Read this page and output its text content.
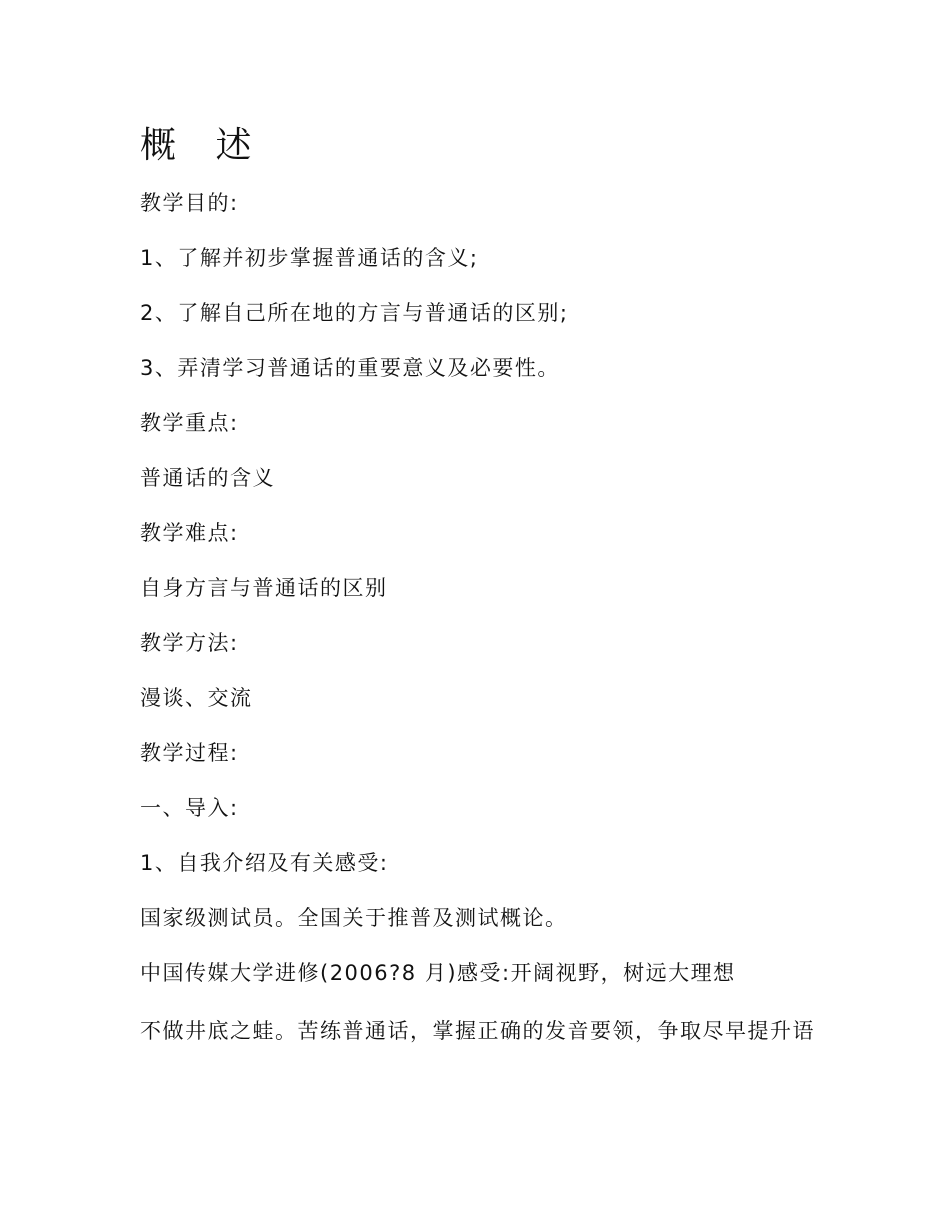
概 述

教学目的:

1、了解并初步掌握普通话的含义;

2、了解自己所在地的方言与普通话的区别;

3、弄清学习普通话的重要意义及必要性。

教学重点:

普通话的含义

教学难点:

自身方言与普通话的区别

教学方法:

漫谈、交流

教学过程:

一、导入:

1、自我介绍及有关感受:

国家级测试员。全国关于推普及测试概论。

中国传媒大学进修(2006?8 月)感受:开阔视野，树远大理想

不做井底之蛙。苦练普通话，掌握正确的发音要领，争取尽早提升语
